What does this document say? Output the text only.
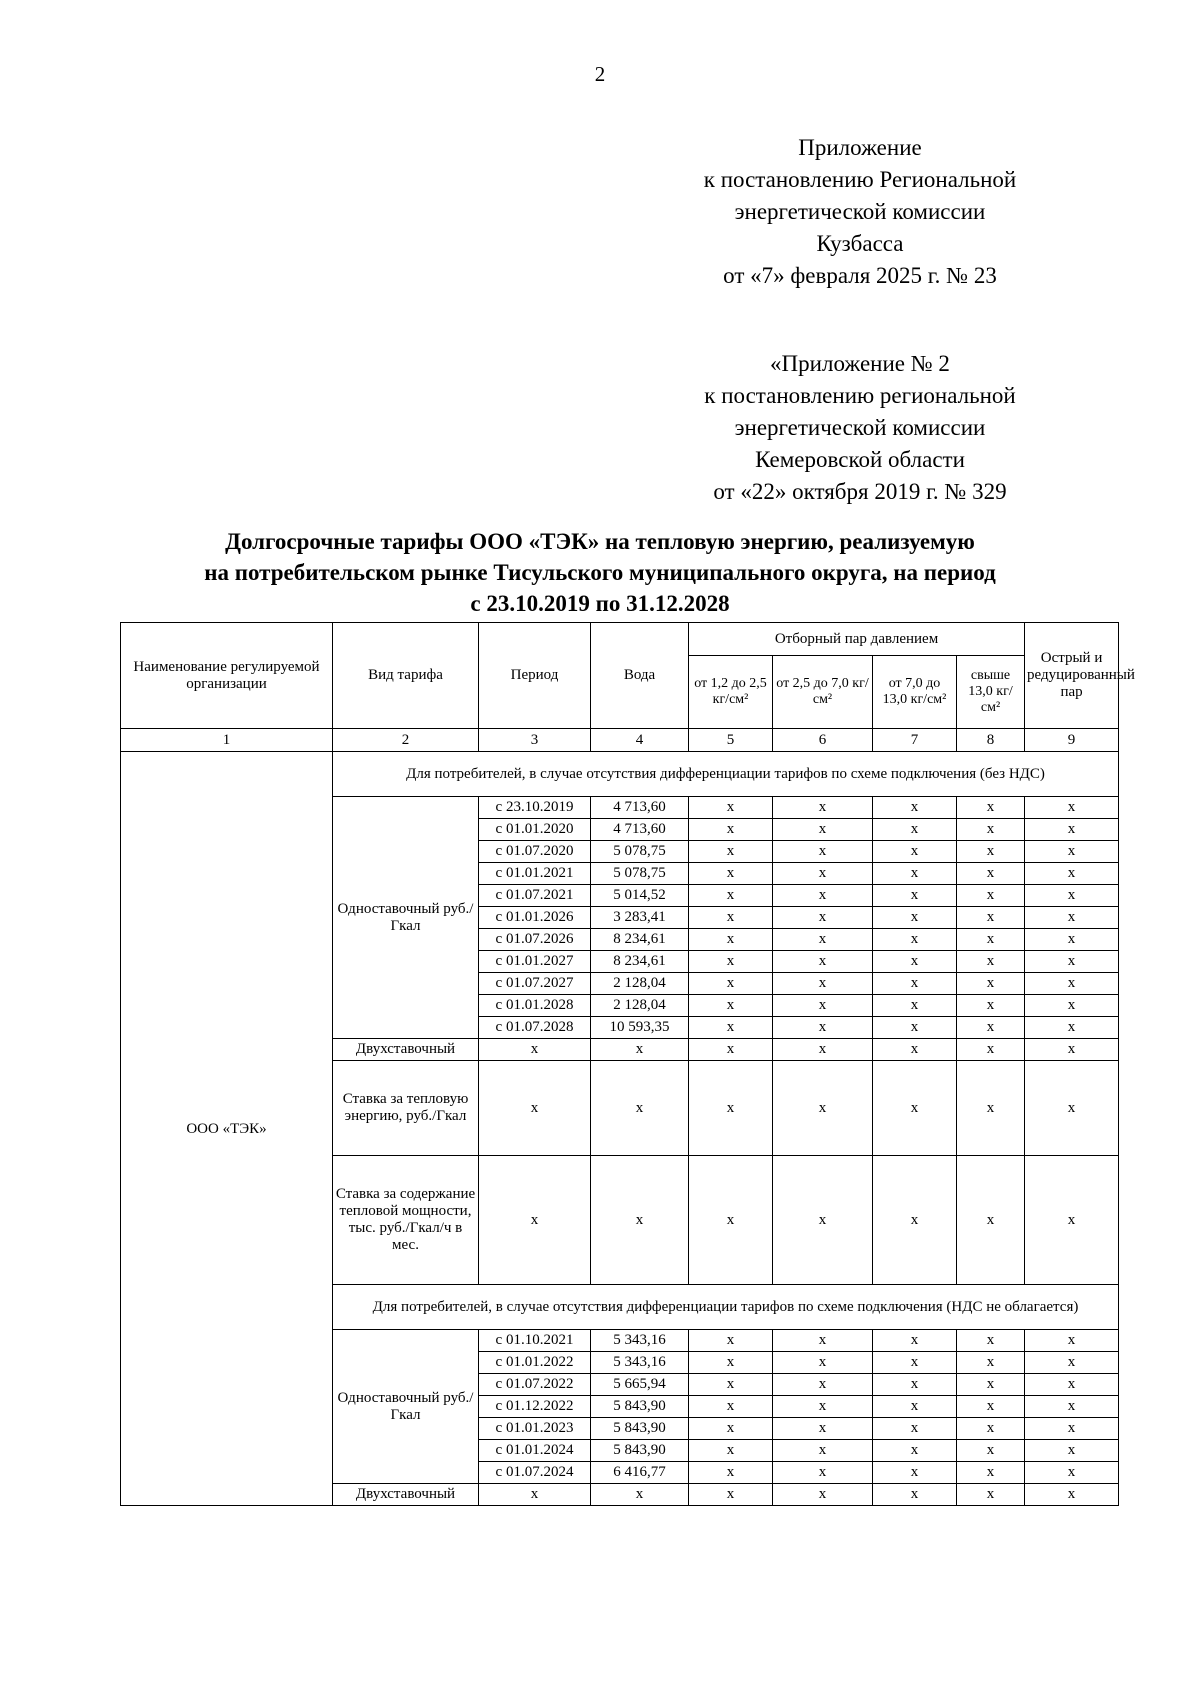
2
Приложение
к постановлению Региональной
энергетической комиссии
Кузбасса
от «7» февраля 2025 г. № 23
«Приложение № 2
к постановлению региональной
энергетической комиссии
Кемеровской области
от «22» октября 2019 г. № 329
Долгосрочные тарифы ООО «ТЭК» на тепловую энергию, реализуемую
на потребительском рынке Тисульского муниципального округа, на период
с 23.10.2019 по 31.12.2028
Наименование регулируемой организации	Вид тарифа	Период	Вода	Отборный пар давлением				Острый и редуцированный пар
				от 1,2 до 2,5 кг/см²	от 2,5 до 7,0 кг/см²	от 7,0 до 13,0 кг/см²	свыше 13,0 кг/см²	
1	2	3	4	5	6	7	8	9
ООО «ТЭК»	Для потребителей, в случае отсутствия дифференциации тарифов по схеме подключения (без НДС)							
	Одноставочный руб./Гкал	с 23.10.2019	4 713,60	х	х	х	х	х
		с 01.01.2020	4 713,60	х	х	х	х	х
		с 01.07.2020	5 078,75	х	х	х	х	х
		с 01.01.2021	5 078,75	х	х	х	х	х
		с 01.07.2021	5 014,52	х	х	х	х	х
		с 01.01.2026	3 283,41	х	х	х	х	х
		с 01.07.2026	8 234,61	х	х	х	х	х
		с 01.01.2027	8 234,61	х	х	х	х	х
		с 01.07.2027	2 128,04	х	х	х	х	х
		с 01.01.2028	2 128,04	х	х	х	х	х
		с 01.07.2028	10 593,35	х	х	х	х	х
	Двухставочный	х	х	х	х	х	х	х
	Ставка за тепловую энергию, руб./Гкал	х	х	х	х	х	х	х
	Ставка за содержание тепловой мощности, тыс. руб./Гкал/ч в мес.	х	х	х	х	х	х	х
	Для потребителей, в случае отсутствия дифференциации тарифов по схеме подключения (НДС не облагается)							
	Одноставочный руб./Гкал	с 01.10.2021	5 343,16	х	х	х	х	х
		с 01.01.2022	5 343,16	х	х	х	х	х
		с 01.07.2022	5 665,94	х	х	х	х	х
		с 01.12.2022	5 843,90	х	х	х	х	х
		с 01.01.2023	5 843,90	х	х	х	х	х
		с 01.01.2024	5 843,90	х	х	х	х	х
		с 01.07.2024	6 416,77	х	х	х	х	х
	Двухставочный	х	х	х	х	х	х	х
